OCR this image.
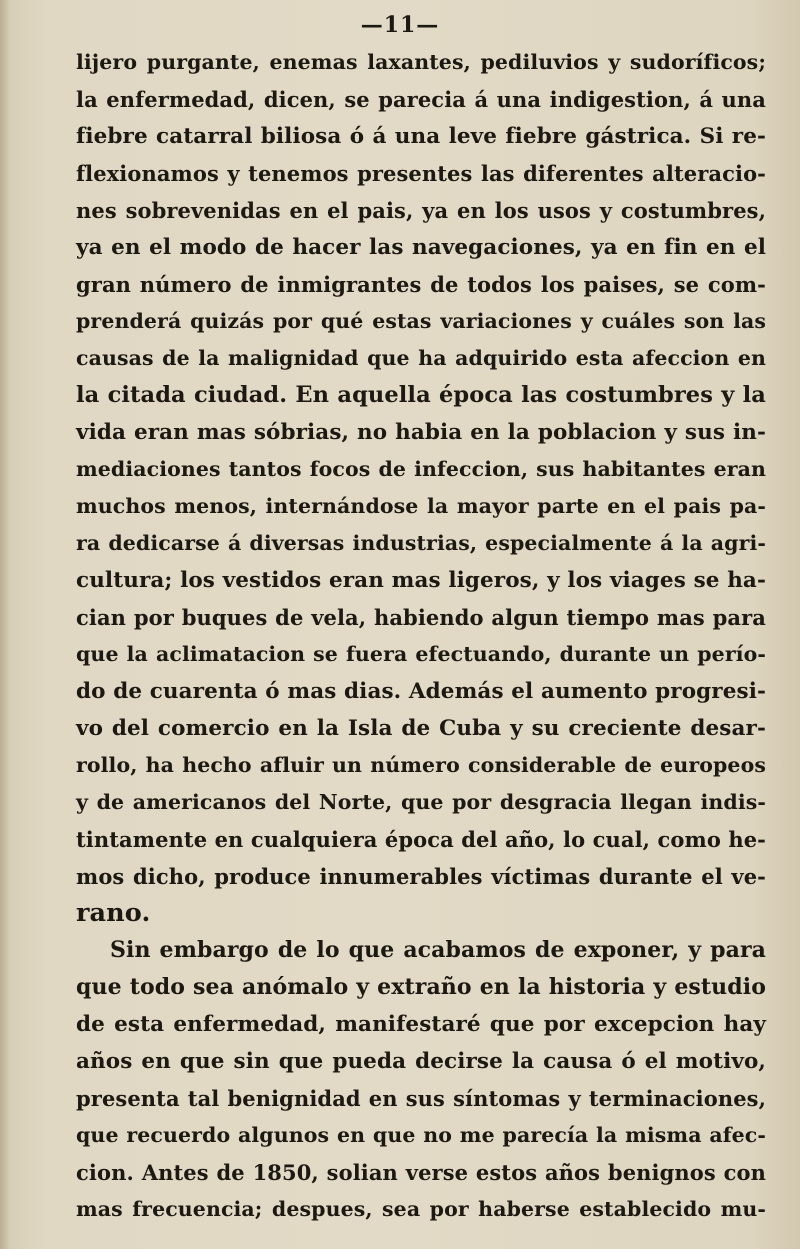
—11—
lijero purgante, enemas laxantes, pediluvios y sudoríficos;
la enfermedad, dicen, se parecia á una indigestion, á una
fiebre catarral biliosa ó á una leve fiebre gástrica. Si re-
flexionamos y tenemos presentes las diferentes alteracio-
nes sobrevenidas en el pais, ya en los usos y costumbres,
ya en el modo de hacer las navegaciones, ya en fin en el
gran número de inmigrantes de todos los paises, se com-
prenderá quizás por qué estas variaciones y cuáles son las
causas de la malignidad que ha adquirido esta afeccion en
la citada ciudad. En aquella época las costumbres y la
vida eran mas sóbrias, no habia en la poblacion y sus in-
mediaciones tantos focos de infeccion, sus habitantes eran
muchos menos, internándose la mayor parte en el pais pa-
ra dedicarse á diversas industrias, especialmente á la agri-
cultura; los vestidos eran mas ligeros, y los viages se ha-
cian por buques de vela, habiendo algun tiempo mas para
que la aclimatacion se fuera efectuando, durante un perío-
do de cuarenta ó mas dias. Además el aumento progresi-
vo del comercio en la Isla de Cuba y su creciente desar-
rollo, ha hecho afluir un número considerable de europeos
y de americanos del Norte, que por desgracia llegan indis-
tintamente en cualquiera época del año, lo cual, como he-
mos dicho, produce innumerables víctimas durante el ve-
rano.
Sin embargo de lo que acabamos de exponer, y para
que todo sea anómalo y extraño en la historia y estudio
de esta enfermedad, manifestaré que por excepcion hay
años en que sin que pueda decirse la causa ó el motivo,
presenta tal benignidad en sus síntomas y terminaciones,
que recuerdo algunos en que no me parecía la misma afec-
cion. Antes de 1850, solian verse estos años benignos con
mas frecuencia; despues, sea por haberse establecido mu-
